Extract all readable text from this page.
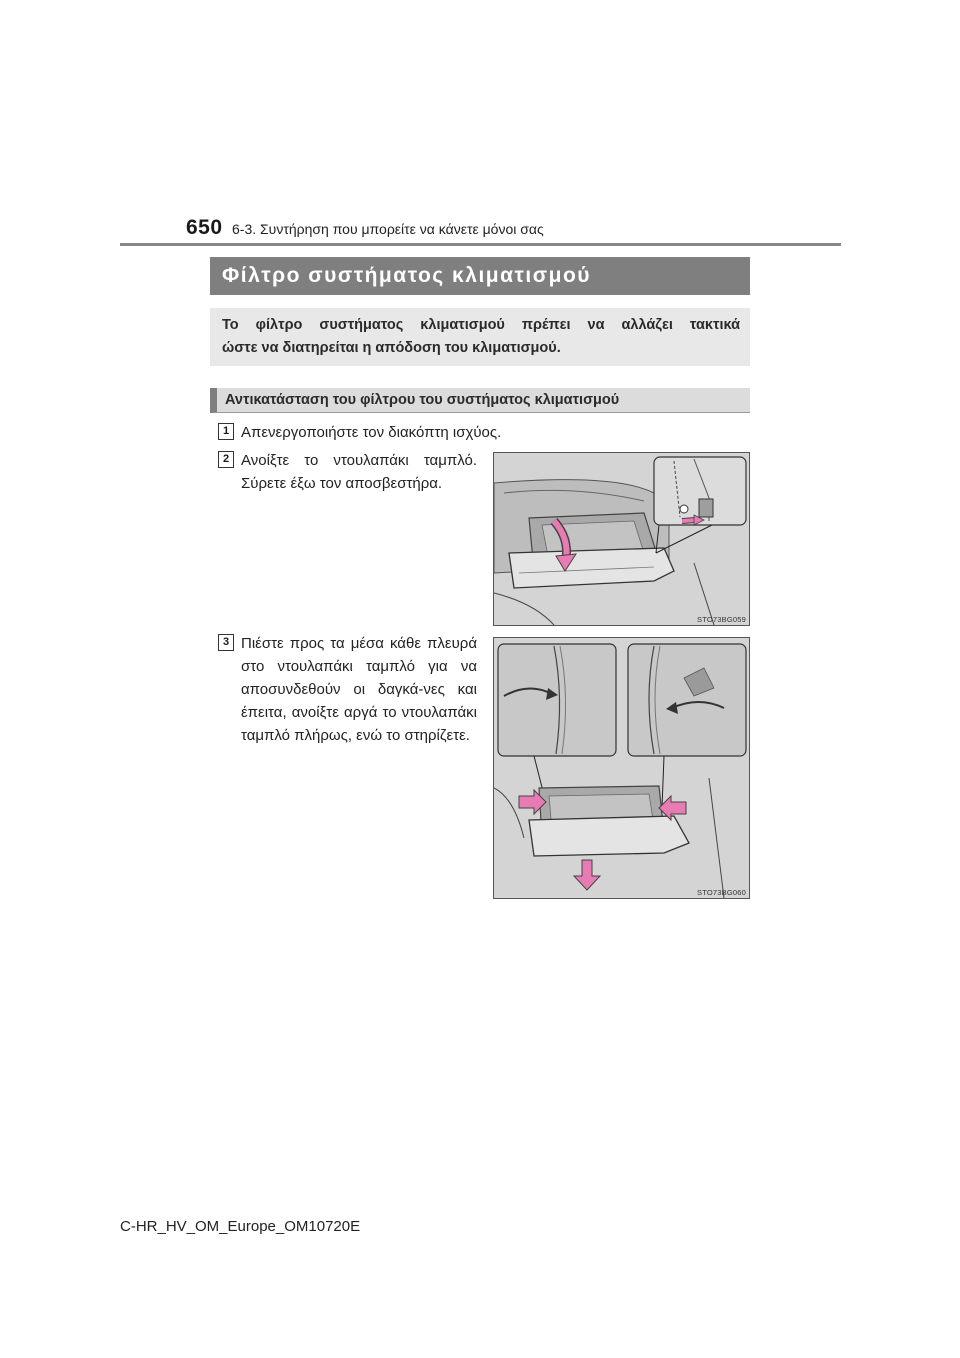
650 6-3. Συντήρηση που μπορείτε να κάνετε μόνοι σας
Φίλτρο συστήματος κλιματισμού
Το φίλτρο συστήματος κλιματισμού πρέπει να αλλάζει τακτικά
ώστε να διατηρείται η απόδοση του κλιματισμού.
Αντικατάσταση του φίλτρου του συστήματος κλιματισμού
1 Απενεργοποιήστε τον διακόπτη ισχύος.
2 Ανοίξτε το ντουλαπάκι ταμπλό. Σύρετε έξω τον αποσβεστήρα.
STO73BG059
3 Πιέστε προς τα μέσα κάθε πλευρά στο ντουλαπάκι ταμπλό για να αποσυνδεθούν οι δαγκά-νες και έπειτα, ανοίξτε αργά το ντουλαπάκι ταμπλό πλήρως, ενώ το στηρίζετε.
STO73BG060
C-HR_HV_OM_Europe_OM10720E
